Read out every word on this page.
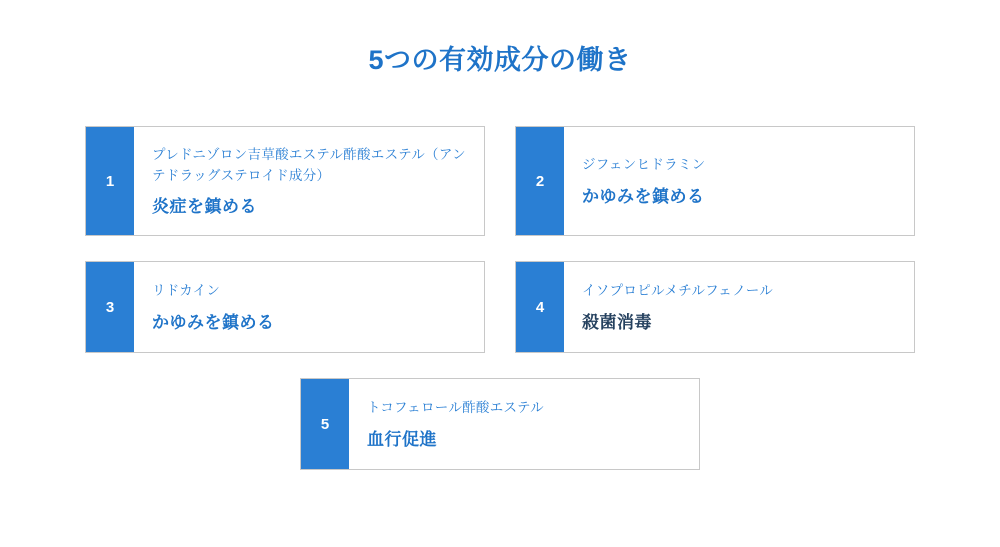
5つの有効成分の働き
1
プレドニゾロン吉草酸エステル酢酸エステル（アンテドラッグステロイド成分）
炎症を鎮める
2
ジフェンヒドラミン
かゆみを鎮める
3
リドカイン
かゆみを鎮める
4
イソプロピルメチルフェノール
殺菌消毒
5
トコフェロール酢酸エステル
血行促進
